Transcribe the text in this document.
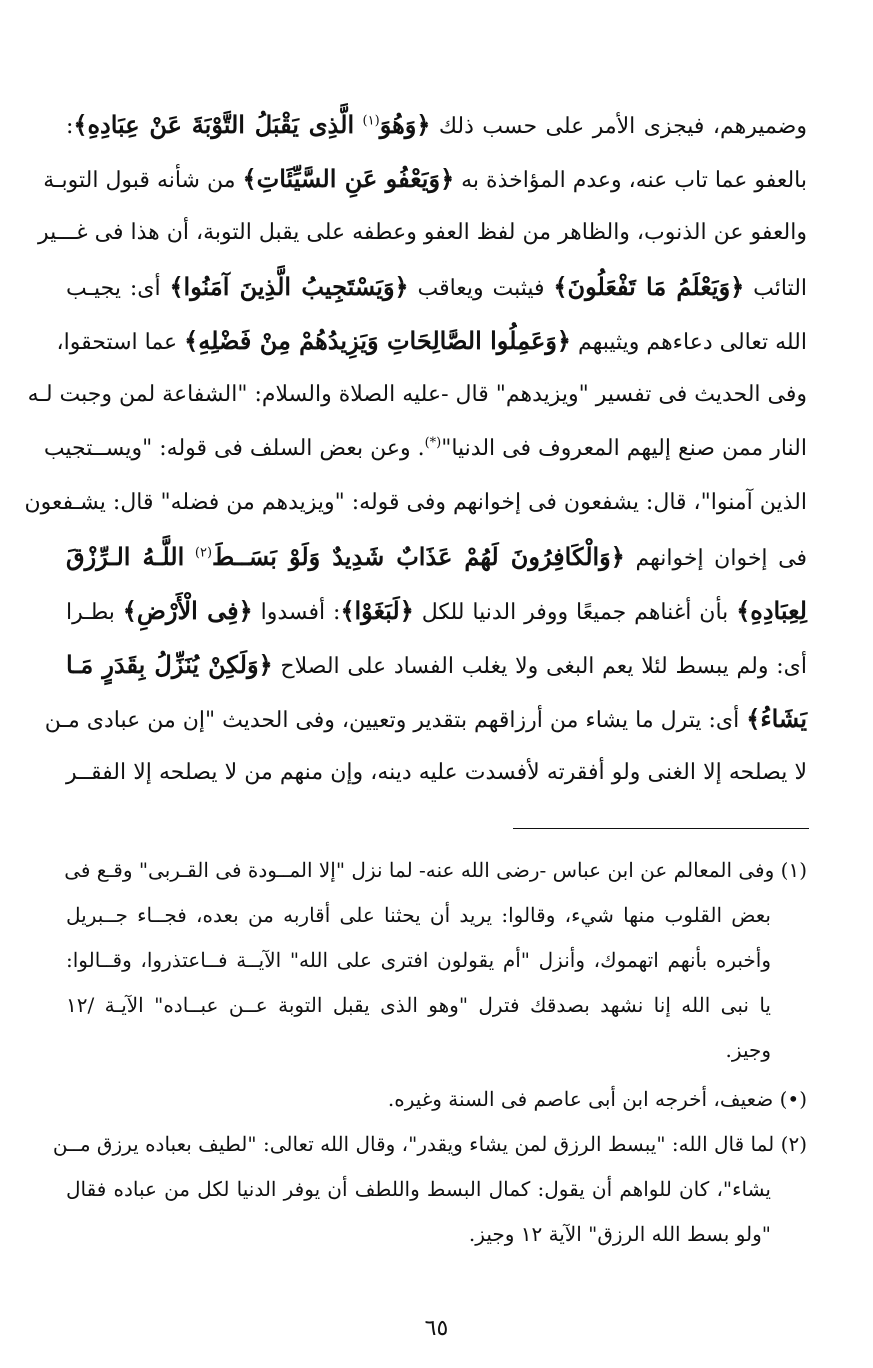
وضميرهم، فيجزى الأمر على حسب ذلك ﴿وَهُوَ$^{(١)}$ الَّذِى يَقْبَلُ التَّوْبَةَ عَنْ عِبَادِهِ﴾:
بالعفو عما تاب عنه، وعدم المؤاخذة به ﴿وَيَعْفُو عَنِ السَّيِّئَاتِ﴾ من شأنه قبول التوبـة
والعفو عن الذنوب، والظاهر من لفظ العفو وعطفه على يقبل التوبة، أن هذا فى غـــير
التائب ﴿وَيَعْلَمُ مَا تَفْعَلُونَ﴾ فيثبت ويعاقب ﴿وَيَسْتَجِيبُ الَّذِينَ آمَنُوا﴾ أى: يجيـب
الله تعالى دعاءهم ويثيبهم ﴿وَعَمِلُوا الصَّالِحَاتِ وَيَزِيدُهُمْ مِنْ فَضْلِهِ﴾ عما استحقوا،
وفى الحديث فى تفسير "ويزيدهم" قال -عليه الصلاة والسلام: "الشفاعة لمن وجبت لـه
النار ممن صنع إليهم المعروف فى الدنيا"(*). وعن بعض السلف فى قوله: "ويســتجيب
الذين آمنوا"، قال: يشفعون فى إخوانهم وفى قوله: "ويزيدهم من فضله" قال: يشـفعون
فى إخوان إخوانهم ﴿وَالْكَافِرُونَ لَهُمْ عَذَابٌ شَدِيدٌ وَلَوْ بَسَــطَ$^{(٢)}$ اللَّـهُ الـرِّزْقَ
لِعِبَادِهِ﴾ بأن أغناهم جميعًا ووفر الدنيا للكل ﴿لَبَغَوْا﴾: أفسدوا ﴿فِى الْأَرْضِ﴾ بطـرا
أى: ولم يبسط لئلا يعم البغى ولا يغلب الفساد على الصلاح ﴿وَلَكِنْ يُنَزِّلُ بِقَدَرٍ مَـا
يَشَاءُ﴾ أى: يترل ما يشاء من أرزاقهم بتقدير وتعيين، وفى الحديث "إن من عبادى مـن
لا يصلحه إلا الغنى ولو أفقرته لأفسدت عليه دينه، وإن منهم من لا يصلحه إلا الفقــر
(١) وفى المعالم عن ابن عباس -رضى الله عنه- لما نزل "إلا المــودة فى القـربى" وقـع فى
بعض القلوب منها شيء، وقالوا: يريد أن يحثنا على أقاربه من بعده، فجــاء جــبريل
وأخبره بأنهم اتهموك، وأنزل "أم يقولون افترى على الله" الآيــة فــاعتذروا، وقــالوا:
يا نبى الله إنا نشهد بصدقك فترل "وهو الذى يقبل التوبة عــن عبــاده" الآيـة /١٢
وجيز.
(•) ضعيف، أخرجه ابن أبى عاصم فى السنة وغيره.
(٢) لما قال الله: "يبسط الرزق لمن يشاء ويقدر"، وقال الله تعالى: "لطيف بعباده يرزق مــن
يشاء"، كان للواهم أن يقول: كمال البسط واللطف أن يوفر الدنيا لكل من عباده فقال
"ولو بسط الله الرزق" الآية ١٢ وجيز.
٦٥
